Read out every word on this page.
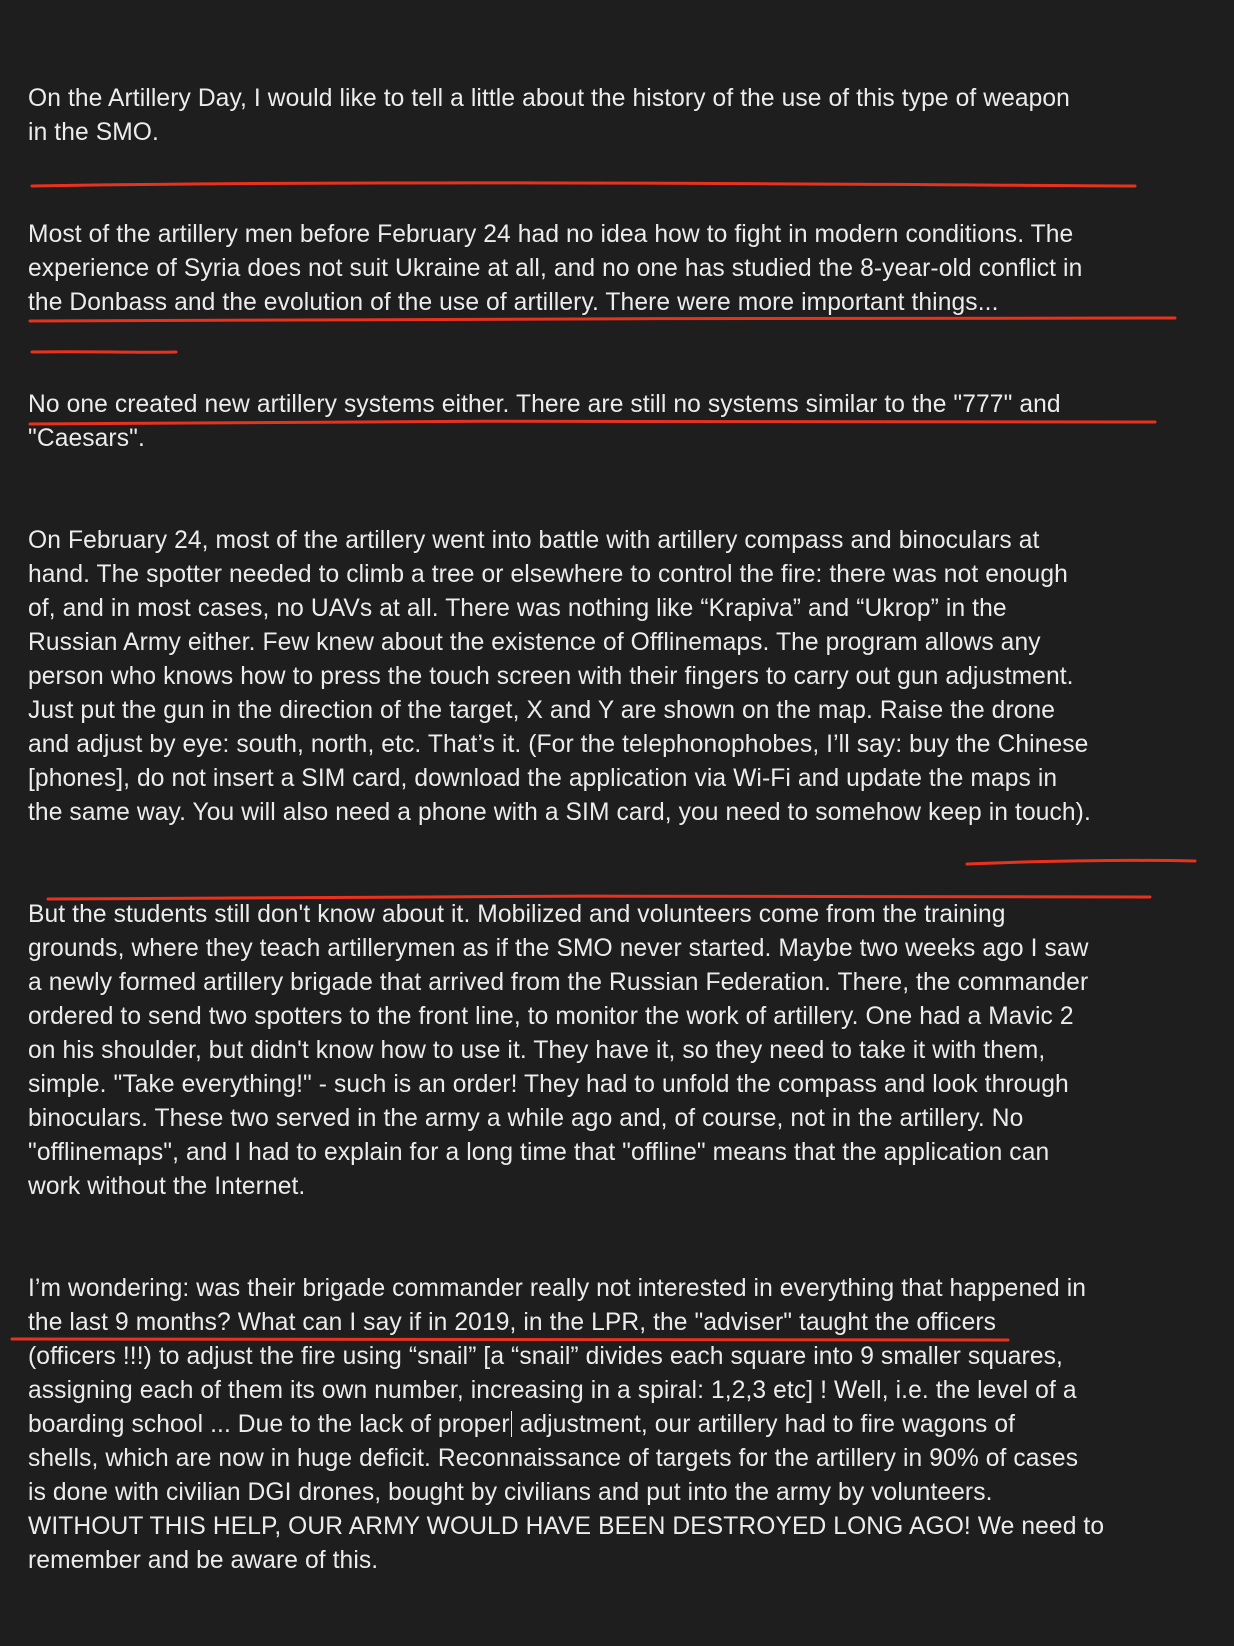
On the Artillery Day, I would like to tell a little about the history of the use of this type of weapon
in the SMO.

Most of the artillery men before February 24 had no idea how to fight in modern conditions. The
experience of Syria does not suit Ukraine at all, and no one has studied the 8-year-old conflict in
the Donbass and the evolution of the use of artillery. There were more important things...

No one created new artillery systems either. There are still no systems similar to the "777" and
"Caesars".

On February 24, most of the artillery went into battle with artillery compass and binoculars at
hand. The spotter needed to climb a tree or elsewhere to control the fire: there was not enough
of, and in most cases, no UAVs at all. There was nothing like “Krapiva” and “Ukrop” in the
Russian Army either. Few knew about the existence of Offlinemaps. The program allows any
person who knows how to press the touch screen with their fingers to carry out gun adjustment.
Just put the gun in the direction of the target, X and Y are shown on the map. Raise the drone
and adjust by eye: south, north, etc. That’s it. (For the telephonophobes, I’ll say: buy the Chinese
[phones], do not insert a SIM card, download the application via Wi-Fi and update the maps in
the same way. You will also need a phone with a SIM card, you need to somehow keep in touch).

But the students still don't know about it. Mobilized and volunteers come from the training
grounds, where they teach artillerymen as if the SMO never started. Maybe two weeks ago I saw
a newly formed artillery brigade that arrived from the Russian Federation. There, the commander
ordered to send two spotters to the front line, to monitor the work of artillery. One had a Mavic 2
on his shoulder, but didn't know how to use it. They have it, so they need to take it with them,
simple. "Take everything!" - such is an order! They had to unfold the compass and look through
binoculars. These two served in the army a while ago and, of course, not in the artillery. No
"offlinemaps", and I had to explain for a long time that "offline" means that the application can
work without the Internet.

I’m wondering: was their brigade commander really not interested in everything that happened in
the last 9 months? What can I say if in 2019, in the LPR, the "adviser" taught the officers
(officers !!!) to adjust the fire using “snail” [a “snail” divides each square into 9 smaller squares,
assigning each of them its own number, increasing in a spiral: 1,2,3 etc] ! Well, i.e. the level of a
boarding school ... Due to the lack of proper adjustment, our artillery had to fire wagons of
shells, which are now in huge deficit. Reconnaissance of targets for the artillery in 90% of cases
is done with civilian DGI drones, bought by civilians and put into the army by volunteers.
WITHOUT THIS HELP, OUR ARMY WOULD HAVE BEEN DESTROYED LONG AGO! We need to
remember and be aware of this.
